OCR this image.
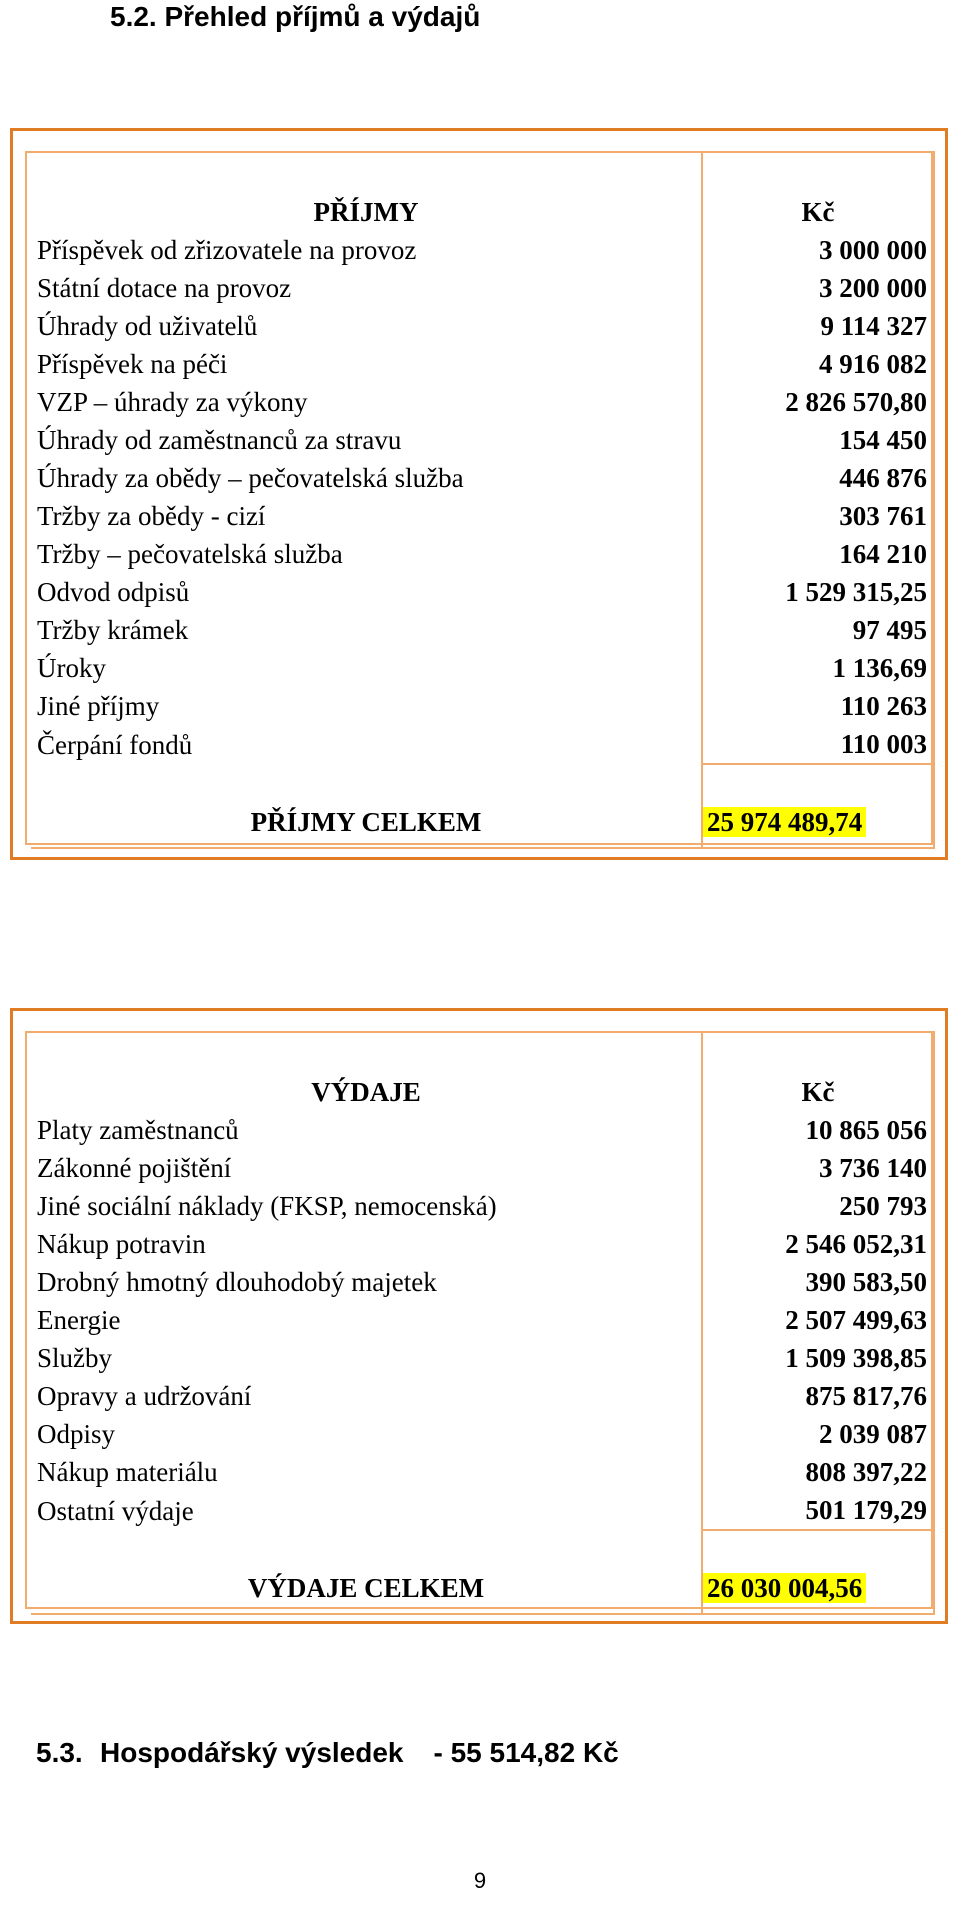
5.2. Přehled příjmů a výdajů
PŘÍJMY	Kč
Příspěvek od zřizovatele na provoz	3 000 000
Státní dotace na provoz	3 200 000
Úhrady od uživatelů	9 114 327
Příspěvek na péči	4 916 082
VZP – úhrady za výkony	2 826 570,80
Úhrady od zaměstnanců za stravu	154 450
Úhrady za obědy – pečovatelská služba	446 876
Tržby za obědy - cizí	303 761
Tržby – pečovatelská služba	164 210
Odvod odpisů	1 529 315,25
Tržby krámek	97 495
Úroky	1 136,69
Jiné příjmy	110 263
Čerpání fondů	110 003
PŘÍJMY CELKEM	25 974 489,74
VÝDAJE	Kč
Platy zaměstnanců	10 865 056
Zákonné pojištění	3 736 140
Jiné sociální náklady (FKSP, nemocenská)	250 793
Nákup potravin	2 546 052,31
Drobný hmotný dlouhodobý majetek	390 583,50
Energie	2 507 499,63
Služby	1 509 398,85
Opravy a udržování	875 817,76
Odpisy	2 039 087
Nákup materiálu	808 397,22
Ostatní výdaje	501 179,29
VÝDAJE CELKEM	26 030 004,56
5.3. Hospodářský výsledek - 55 514,82 Kč
9
